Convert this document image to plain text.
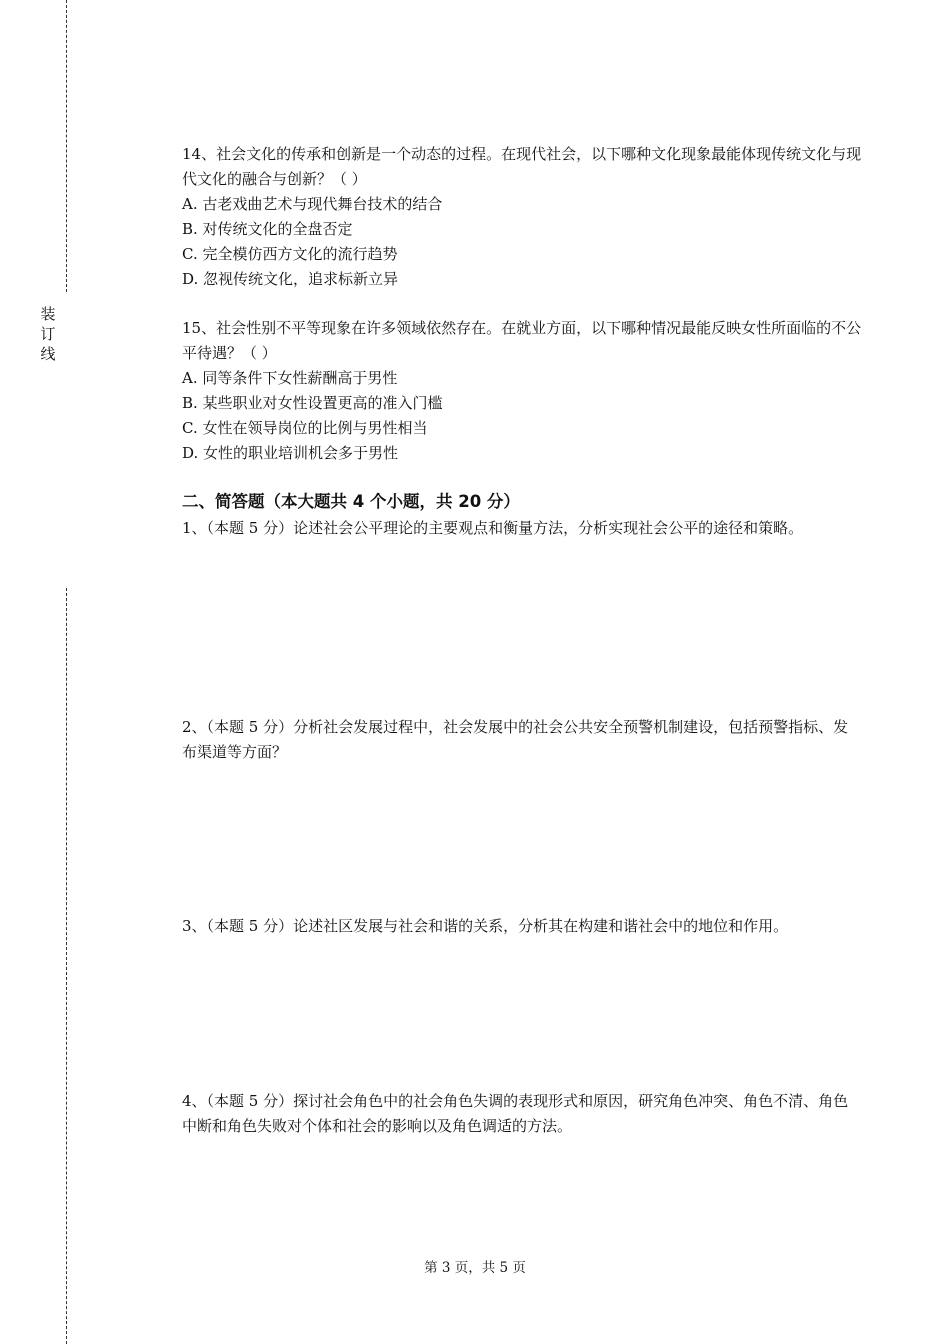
装
订
线

14、社会文化的传承和创新是一个动态的过程。在现代社会，以下哪种文化现象最能体现传统文化与现代文化的融合与创新？（ ）

A. 古老戏曲艺术与现代舞台技术的结合

B. 对传统文化的全盘否定

C. 完全模仿西方文化的流行趋势

D. 忽视传统文化，追求标新立异

15、社会性别不平等现象在许多领域依然存在。在就业方面，以下哪种情况最能反映女性所面临的不公平待遇？（ ）

A. 同等条件下女性薪酬高于男性

B. 某些职业对女性设置更高的准入门槛

C. 女性在领导岗位的比例与男性相当

D. 女性的职业培训机会多于男性

二、简答题（本大题共 4 个小题，共 20 分）

1、（本题 5 分）论述社会公平理论的主要观点和衡量方法，分析实现社会公平的途径和策略。

2、（本题 5 分）分析社会发展过程中，社会发展中的社会公共安全预警机制建设，包括预警指标、发布渠道等方面？

3、（本题 5 分）论述社区发展与社会和谐的关系，分析其在构建和谐社会中的地位和作用。

4、（本题 5 分）探讨社会角色中的社会角色失调的表现形式和原因，研究角色冲突、角色不清、角色中断和角色失败对个体和社会的影响以及角色调适的方法。

第 3 页，共 5 页
